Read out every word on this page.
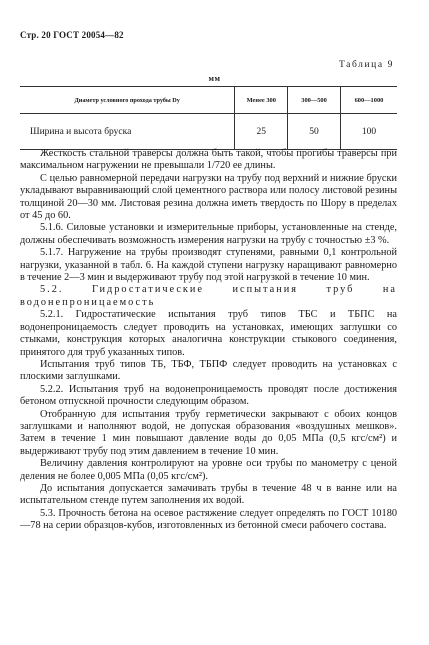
Стр. 20 ГОСТ 20054—82
Таблица 9
мм
Диаметр условного прохода трубы Dy	Менее 300	300—500	600—1000
Ширина и высота бруска	25	50	100

Жесткость стальной траверсы должна быть такой, чтобы прогибы траверсы при максимальном нагружении не превышали 1/720 ее длины.

С целью равномерной передачи нагрузки на трубу под верхний и нижние бруски укладывают выравнивающий слой цементного раствора или полосу листовой резины толщиной 20—30 мм. Листовая резина должна иметь твердость по Шору в пределах от 45 до 60.

5.1.6. Силовые установки и измерительные приборы, установленные на стенде, должны обеспечивать возможность измерения нагрузки на трубу с точностью ±3 %.

5.1.7. Нагружение на трубы производят ступенями, равными 0,1 контрольной нагрузки, указанной в табл. 6. На каждой ступени нагрузку наращивают равномерно в течение 2—3 мин и выдерживают трубу под этой нагрузкой в течение 10 мин.

5.2. Гидростатические испытания труб на водонепроницаемость

5.2.1. Гидростатические испытания труб типов ТБС и ТБПС на водонепроницаемость следует проводить на установках, имеющих заглушки со стыками, конструкция которых аналогична конструкции стыкового соединения, принятого для труб указанных типов.

Испытания труб типов ТБ, ТБФ, ТБПФ следует проводить на установках с плоскими заглушками.

5.2.2. Испытания труб на водонепроницаемость проводят после достижения бетоном отпускной прочности следующим образом.

Отобранную для испытания трубу герметически закрывают с обоих концов заглушками и наполняют водой, не допуская образования «воздушных мешков». Затем в течение 1 мин повышают давление воды до 0,05 МПа (0,5 кгс/см²) и выдерживают трубу под этим давлением в течение 10 мин.

Величину давления контролируют на уровне оси трубы по манометру с ценой деления не более 0,005 МПа (0,05 кгс/см²).

До испытания допускается замачивать трубы в течение 48 ч в ванне или на испытательном стенде путем заполнения их водой.

5.3. Прочность бетона на осевое растяжение следует определять по ГОСТ 10180—78 на серии образцов-кубов, изготовленных из бетонной смеси рабочего состава.
